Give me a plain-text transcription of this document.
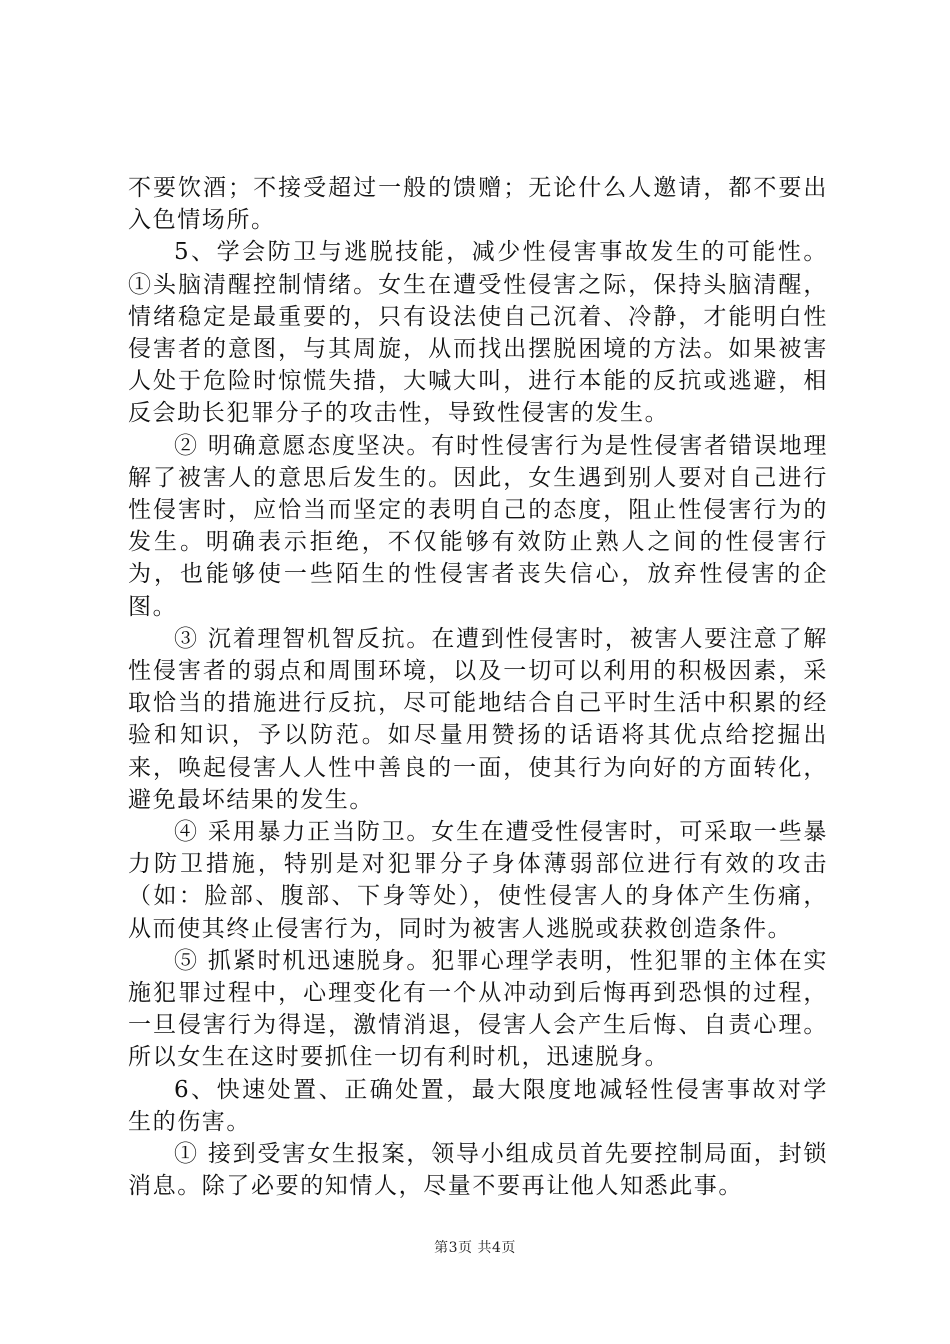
不要饮酒；不接受超过一般的馈赠；无论什么人邀请，都不要出入色情场所。

5、学会防卫与逃脱技能，减少性侵害事故发生的可能性。①头脑清醒控制情绪。女生在遭受性侵害之际，保持头脑清醒，情绪稳定是最重要的，只有设法使自己沉着、冷静，才能明白性侵害者的意图，与其周旋，从而找出摆脱困境的方法。如果被害人处于危险时惊慌失措，大喊大叫，进行本能的反抗或逃避，相反会助长犯罪分子的攻击性，导致性侵害的发生。

② 明确意愿态度坚决。有时性侵害行为是性侵害者错误地理解了被害人的意思后发生的。因此，女生遇到别人要对自己进行性侵害时，应恰当而坚定的表明自己的态度，阻止性侵害行为的发生。明确表示拒绝，不仅能够有效防止熟人之间的性侵害行为，也能够使一些陌生的性侵害者丧失信心，放弃性侵害的企图。

③ 沉着理智机智反抗。在遭到性侵害时，被害人要注意了解性侵害者的弱点和周围环境，以及一切可以利用的积极因素，采取恰当的措施进行反抗，尽可能地结合自己平时生活中积累的经验和知识，予以防范。如尽量用赞扬的话语将其优点给挖掘出来，唤起侵害人人性中善良的一面，使其行为向好的方面转化，避免最坏结果的发生。

④ 采用暴力正当防卫。女生在遭受性侵害时，可采取一些暴力防卫措施，特别是对犯罪分子身体薄弱部位进行有效的攻击（如：脸部、腹部、下身等处），使性侵害人的身体产生伤痛，从而使其终止侵害行为，同时为被害人逃脱或获救创造条件。

⑤ 抓紧时机迅速脱身。犯罪心理学表明，性犯罪的主体在实施犯罪过程中，心理变化有一个从冲动到后悔再到恐惧的过程，一旦侵害行为得逞，激情消退，侵害人会产生后悔、自责心理。所以女生在这时要抓住一切有利时机，迅速脱身。

6、快速处置、正确处置，最大限度地减轻性侵害事故对学生的伤害。

① 接到受害女生报案，领导小组成员首先要控制局面，封锁消息。除了必要的知情人，尽量不要再让他人知悉此事。

第3页 共4页
